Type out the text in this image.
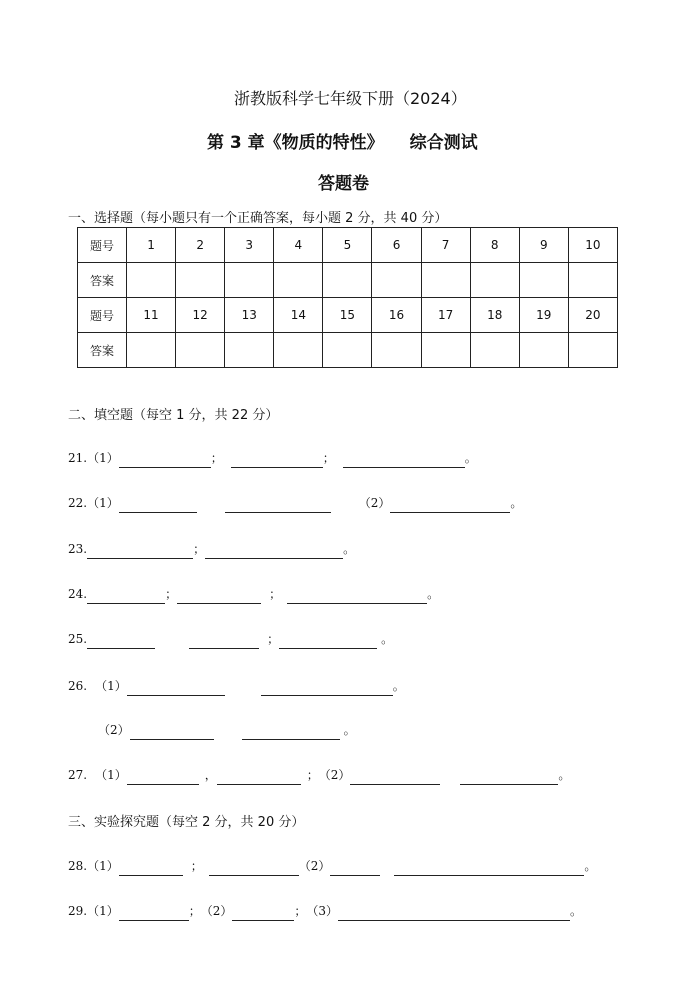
浙教版科学七年级下册（2024）
第 3 章《物质的特性》 综合测试
答题卷
一、选择题（每小题只有一个正确答案，每小题 2 分，共 40 分）
题号	1	2	3	4	5	6	7	8	9	10
答案										
题号	11	12	13	14	15	16	17	18	19	20
答案										
二、填空题（每空 1 分，共 22 分）
21.（1）	；	；	。
22.（1）	（2）	。
23.	；	。
24.	；	；	。
25.	；	。
26. （1）	。
（2）	。
27. （1）	，	；（2）	。
三、实验探究题（每空 2 分，共 20 分）
28.（1）	；	（2）	。
29.（1）	；（2）	；（3）	。
